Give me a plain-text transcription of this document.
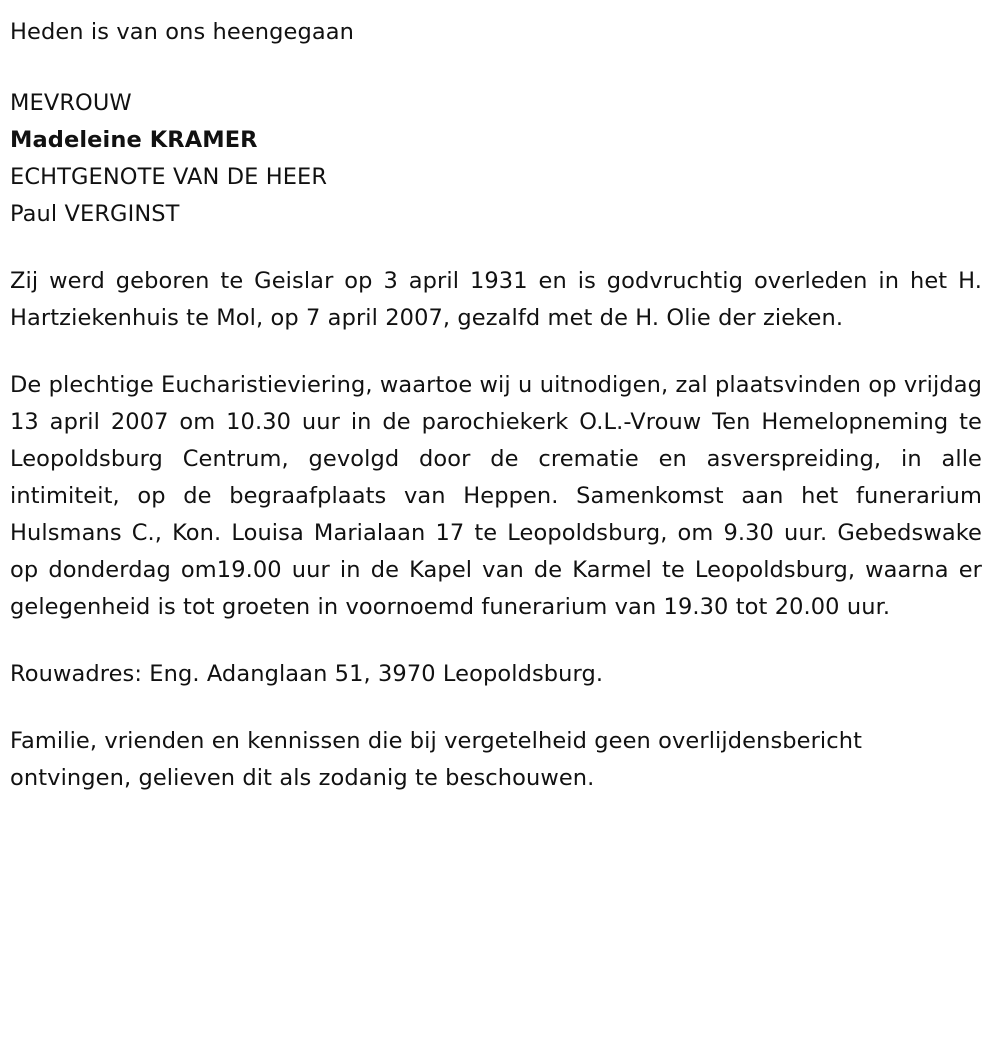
Heden is van ons heengegaan

MEVROUW
Madeleine KRAMER
ECHTGENOTE VAN DE HEER
Paul VERGINST

Zij werd geboren te Geislar op 3 april 1931 en is godvruchtig overleden in het H. Hartziekenhuis te Mol, op 7 april 2007, gezalfd met de H. Olie der zieken.

De plechtige Eucharistieviering, waartoe wij u uitnodigen, zal plaatsvinden op vrijdag 13 april 2007 om 10.30 uur in de parochiekerk O.L.-Vrouw Ten Hemelopneming te Leopoldsburg Centrum, gevolgd door de crematie en asverspreiding, in alle intimiteit, op de begraafplaats van Heppen. Samenkomst aan het funerarium Hulsmans C., Kon. Louisa Marialaan 17 te Leopoldsburg, om 9.30 uur. Gebedswake op donderdag om19.00 uur in de Kapel van de Karmel te Leopoldsburg, waarna er gelegenheid is tot groeten in voornoemd funerarium van 19.30 tot 20.00 uur.

Rouwadres: Eng. Adanglaan 51, 3970 Leopoldsburg.

Familie, vrienden en kennissen die bij vergetelheid geen overlijdensbericht ontvingen, gelieven dit als zodanig te beschouwen.
